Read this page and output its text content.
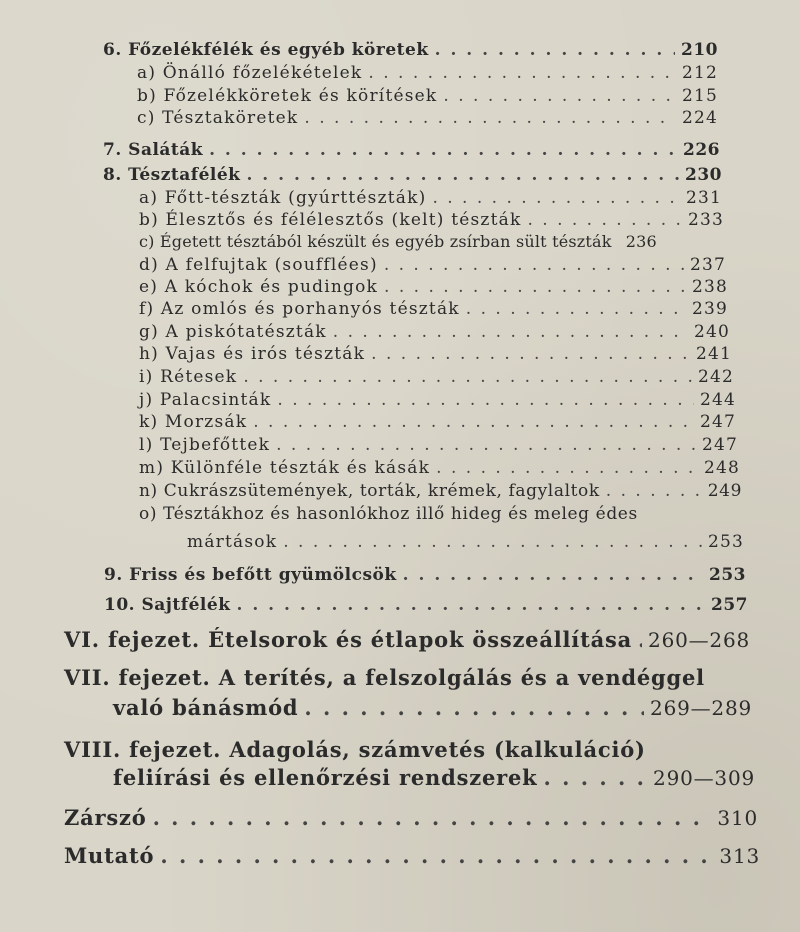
6. Főzelékfélék és egyéb köretek . . .	210
a) Önálló főzelékételek . . .	212
b) Főzelékköretek és körítések . . .	215
c) Tésztaköretek . . .	224
7. Saláták . . .	226
8. Tésztafélék . . .	230
a) Főtt-tészták (gyúrttészták) . . .	231
b) Élesztős és félélesztős (kelt) tészták . . .	233
c) Égetett tésztából készült és egyéb zsírban sült tészták 236
d) A felfujtak (soufflées) . . .	237
e) A kóchok és pudingok . . .	238
f) Az omlós és porhanyós tészták . . .	239
g) A piskótatészták . . .	240
h) Vajas és irós tészták . . .	241
i) Rétesek . . .	242
j) Palacsinták . . .	244
k) Morzsák . . .	247
l) Tejbefőttek . . .	247
m) Különféle tészták és kásák . . .	248
n) Cukrászsütemények, torták, krémek, fagylaltok . . .	249
o) Tésztákhoz és hasonlókhoz illő hideg és meleg édes
mártások . . .	253
9. Friss és befőtt gyümölcsök . . .	253
10. Sajtfélék . . .	257
VI. fejezet. Ételsorok és étlapok összeállítása . . . 260—268
VII. fejezet. A terítés, a felszolgálás és a vendéggel
való bánásmód . . .	269—289
VIII. fejezet. Adagolás, számvetés (kalkuláció)
feliírási és ellenőrzési rendszerek . . .	290—309
Zárszó . . .	310
Mutató . . .	313
